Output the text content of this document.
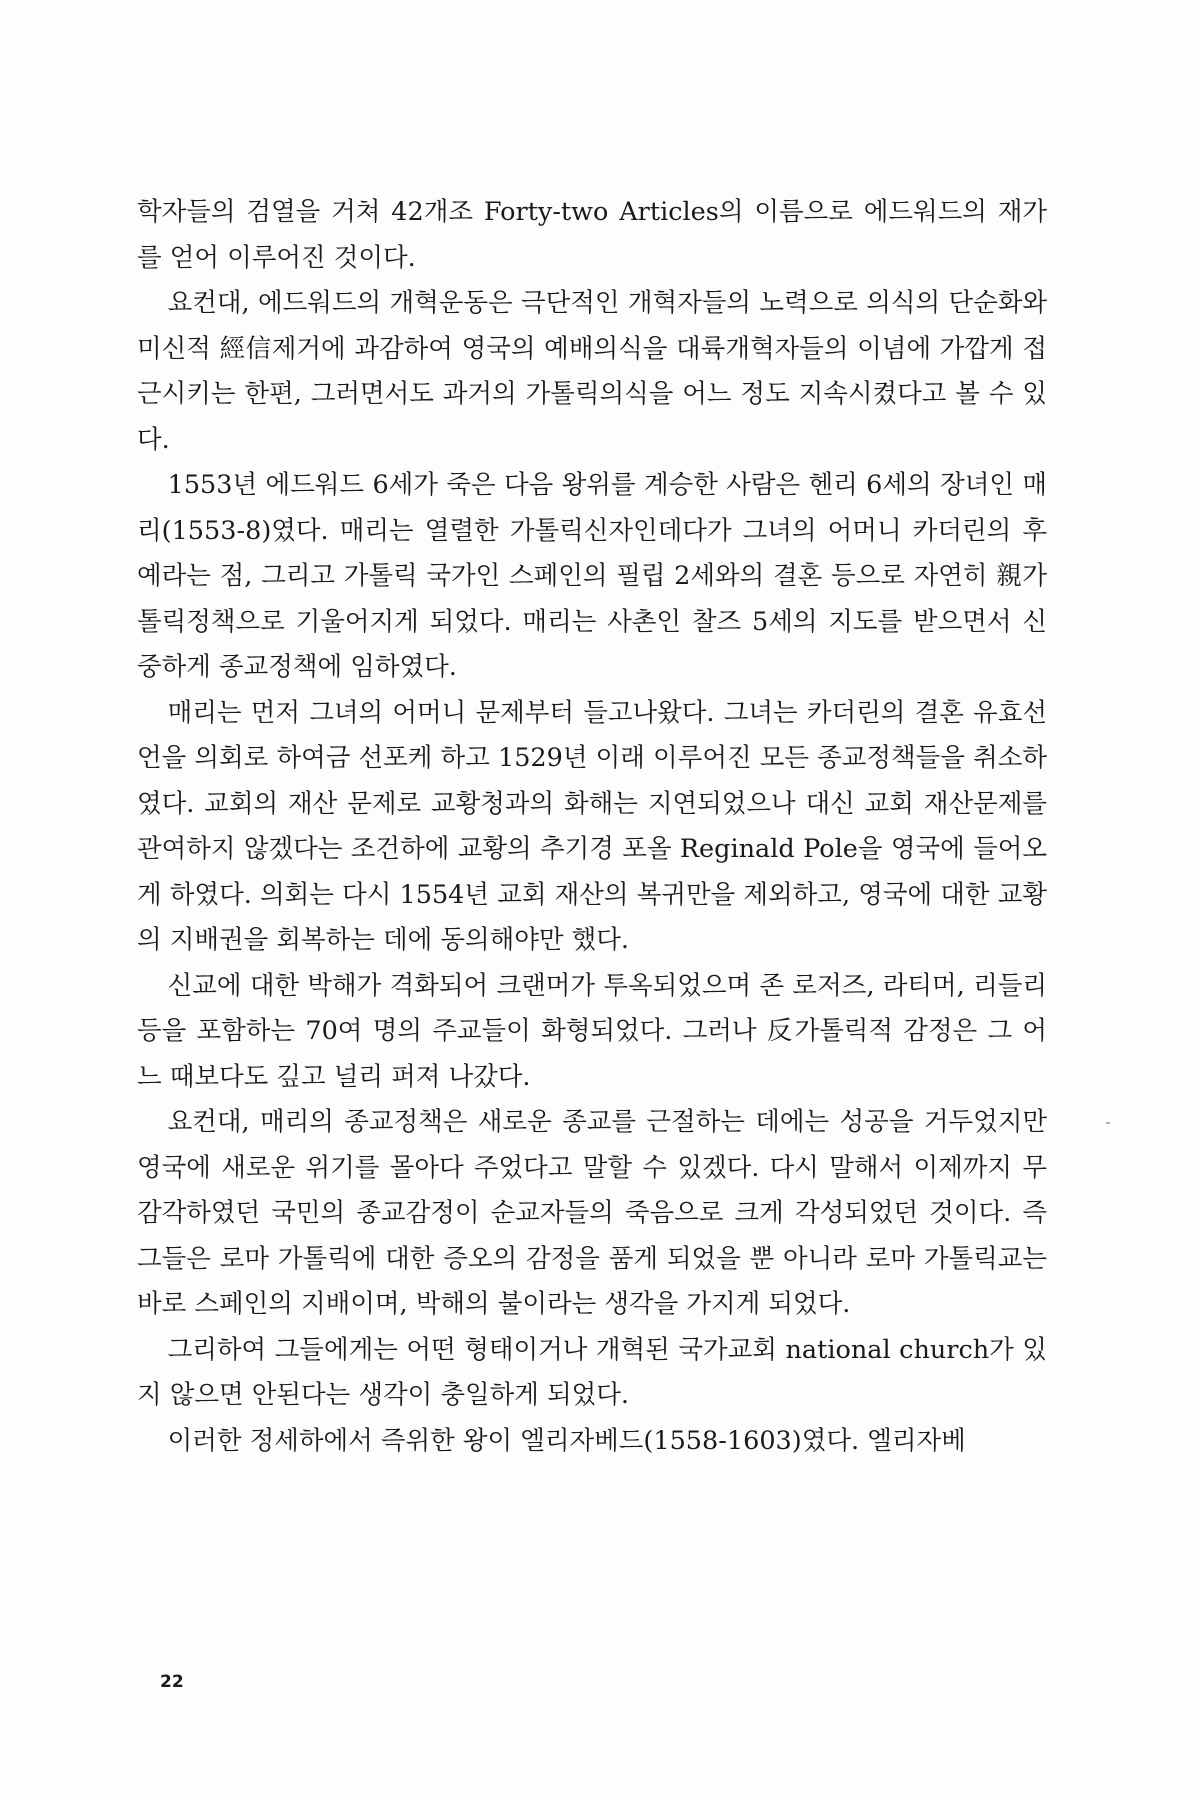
학자들의 검열을 거쳐 42개조 Forty-two Articles의 이름으로 에드워드의 재가를 얻어 이루어진 것이다.

요컨대, 에드워드의 개혁운동은 극단적인 개혁자들의 노력으로 의식의 단순화와 미신적 經信제거에 과감하여 영국의 예배의식을 대륙개혁자들의 이념에 가깝게 접근시키는 한편, 그러면서도 과거의 가톨릭의식을 어느 정도 지속시켰다고 볼 수 있다.

1553년 에드워드 6세가 죽은 다음 왕위를 계승한 사람은 헨리 6세의 장녀인 매리(1553-8)였다. 매리는 열렬한 가톨릭신자인데다가 그녀의 어머니 카더린의 후예라는 점, 그리고 가톨릭 국가인 스페인의 필립 2세와의 결혼 등으로 자연히 親가톨릭정책으로 기울어지게 되었다. 매리는 사촌인 찰즈 5세의 지도를 받으면서 신중하게 종교정책에 임하였다.

매리는 먼저 그녀의 어머니 문제부터 들고나왔다. 그녀는 카더린의 결혼 유효선언을 의회로 하여금 선포케 하고 1529년 이래 이루어진 모든 종교정책들을 취소하였다. 교회의 재산 문제로 교황청과의 화해는 지연되었으나 대신 교회 재산문제를 관여하지 않겠다는 조건하에 교황의 추기경 포올 Reginald Pole을 영국에 들어오게 하였다. 의회는 다시 1554년 교회 재산의 복귀만을 제외하고, 영국에 대한 교황의 지배권을 회복하는 데에 동의해야만 했다.

신교에 대한 박해가 격화되어 크랜머가 투옥되었으며 존 로저즈, 라티머, 리들리 등을 포함하는 70여 명의 주교들이 화형되었다. 그러나 反가톨릭적 감정은 그 어느 때보다도 깊고 널리 퍼져 나갔다.

요컨대, 매리의 종교정책은 새로운 종교를 근절하는 데에는 성공을 거두었지만 영국에 새로운 위기를 몰아다 주었다고 말할 수 있겠다. 다시 말해서 이제까지 무감각하였던 국민의 종교감정이 순교자들의 죽음으로 크게 각성되었던 것이다. 즉 그들은 로마 가톨릭에 대한 증오의 감정을 품게 되었을 뿐 아니라 로마 가톨릭교는 바로 스페인의 지배이며, 박해의 불이라는 생각을 가지게 되었다.

그리하여 그들에게는 어떤 형태이거나 개혁된 국가교회 national church가 있지 않으면 안된다는 생각이 충일하게 되었다.

이러한 정세하에서 즉위한 왕이 엘리자베드(1558-1603)였다. 엘리자베

22
